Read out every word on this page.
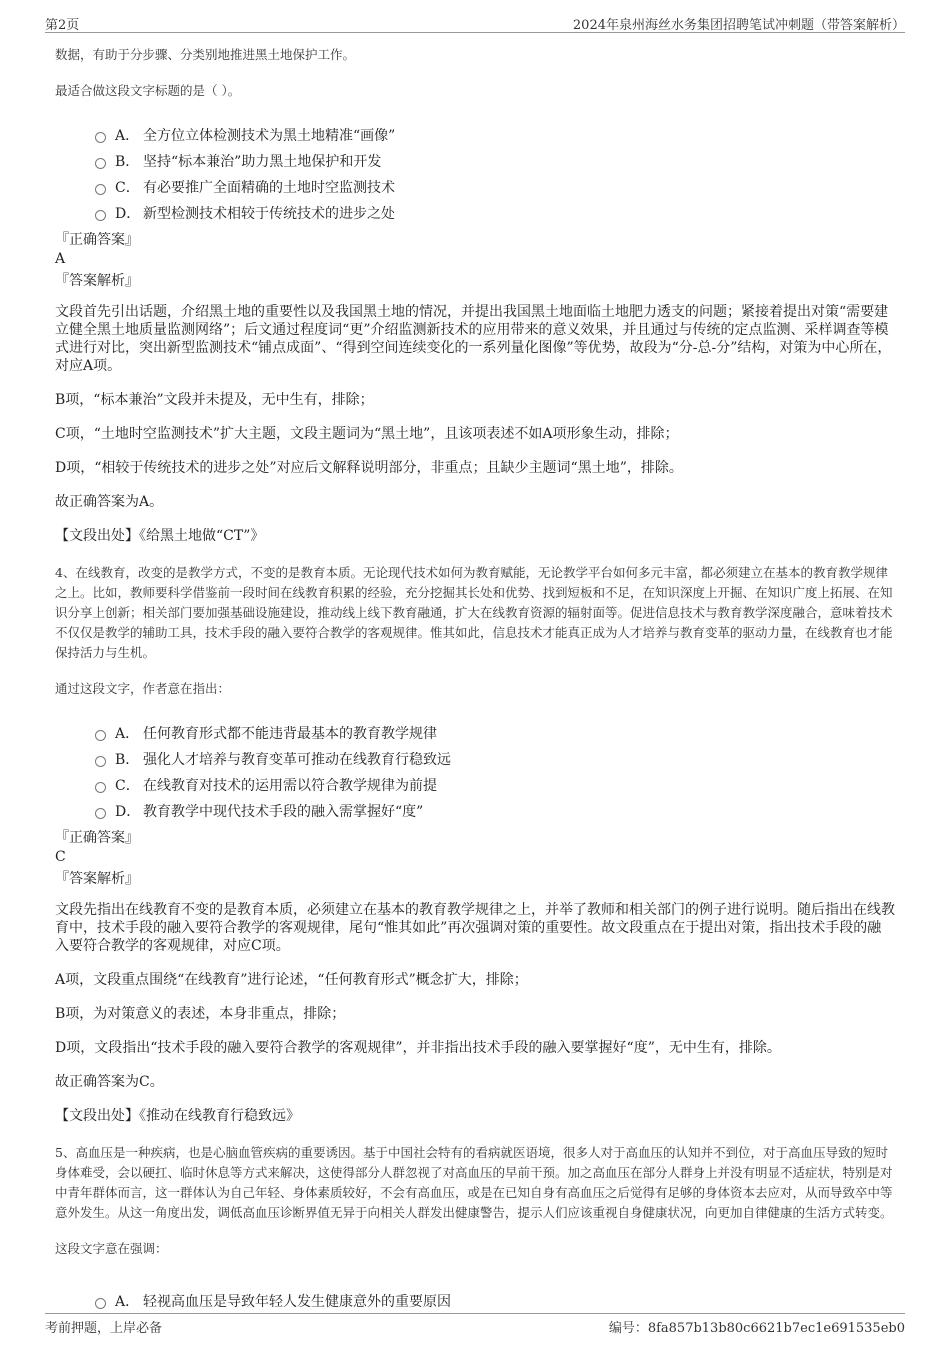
第2页	2024年泉州海丝水务集团招聘笔试冲刺题（带答案解析）

数据，有助于分步骤、分类别地推进黑土地保护工作。

最适合做这段文字标题的是（ ）。

A． 全方位立体检测技术为黑土地精准“画像”
B． 坚持“标本兼治”助力黑土地保护和开发
C． 有必要推广全面精确的土地时空监测技术
D． 新型检测技术相较于传统技术的进步之处
『正确答案』
A
『答案解析』
文段首先引出话题，介绍黑土地的重要性以及我国黑土地的情况，并提出我国黑土地面临土地肥力透支的问题；紧接着提出对策“需要建立健全黑土地质量监测网络”；后文通过程度词“更”介绍监测新技术的应用带来的意义效果，并且通过与传统的定点监测、采样调查等模式进行对比，突出新型监测技术“铺点成面”、“得到空间连续变化的一系列量化图像”等优势，故段为“分-总-分”结构，对策为中心所在，对应A项。
B项，“标本兼治”文段并未提及，无中生有，排除；
C项，“土地时空监测技术”扩大主题，文段主题词为“黑土地”，且该项表述不如A项形象生动，排除；
D项，“相较于传统技术的进步之处”对应后文解释说明部分，非重点；且缺少主题词“黑土地”，排除。
故正确答案为A。
【文段出处】《给黑土地做“CT”》

4、在线教育，改变的是教学方式，不变的是教育本质。无论现代技术如何为教育赋能，无论教学平台如何多元丰富，都必须建立在基本的教育教学规律之上。比如，教师要科学借鉴前一段时间在线教育积累的经验，充分挖掘其长处和优势、找到短板和不足，在知识深度上开掘、在知识广度上拓展、在知识分享上创新；相关部门要加强基础设施建设，推动线上线下教育融通，扩大在线教育资源的辐射面等。促进信息技术与教育教学深度融合，意味着技术不仅仅是教学的辅助工具，技术手段的融入要符合教学的客观规律。惟其如此，信息技术才能真正成为人才培养与教育变革的驱动力量，在线教育也才能保持活力与生机。

通过这段文字，作者意在指出：

A． 任何教育形式都不能违背最基本的教育教学规律
B． 强化人才培养与教育变革可推动在线教育行稳致远
C． 在线教育对技术的运用需以符合教学规律为前提
D． 教育教学中现代技术手段的融入需掌握好“度”
『正确答案』
C
『答案解析』
文段先指出在线教育不变的是教育本质，必须建立在基本的教育教学规律之上，并举了教师和相关部门的例子进行说明。随后指出在线教育中，技术手段的融入要符合教学的客观规律，尾句“惟其如此”再次强调对策的重要性。故文段重点在于提出对策，指出技术手段的融入要符合教学的客观规律，对应C项。
A项，文段重点围绕“在线教育”进行论述，“任何教育形式”概念扩大，排除；
B项，为对策意义的表述，本身非重点，排除；
D项，文段指出“技术手段的融入要符合教学的客观规律”，并非指出技术手段的融入要掌握好“度”，无中生有，排除。
故正确答案为C。
【文段出处】《推动在线教育行稳致远》

5、高血压是一种疾病，也是心脑血管疾病的重要诱因。基于中国社会特有的看病就医语境，很多人对于高血压的认知并不到位，对于高血压导致的短时身体难受，会以硬扛、临时休息等方式来解决，这使得部分人群忽视了对高血压的早前干预。加之高血压在部分人群身上并没有明显不适症状，特别是对中青年群体而言，这一群体认为自己年轻、身体素质较好，不会有高血压，或是在已知自身有高血压之后觉得有足够的身体资本去应对，从而导致卒中等意外发生。从这一角度出发，调低高血压诊断界值无异于向相关人群发出健康警告，提示人们应该重视自身健康状况，向更加自律健康的生活方式转变。

这段文字意在强调：

A． 轻视高血压是导致年轻人发生健康意外的重要原因
考前押题，上岸必备	编号：8fa857b13b80c6621b7ec1e691535eb0
